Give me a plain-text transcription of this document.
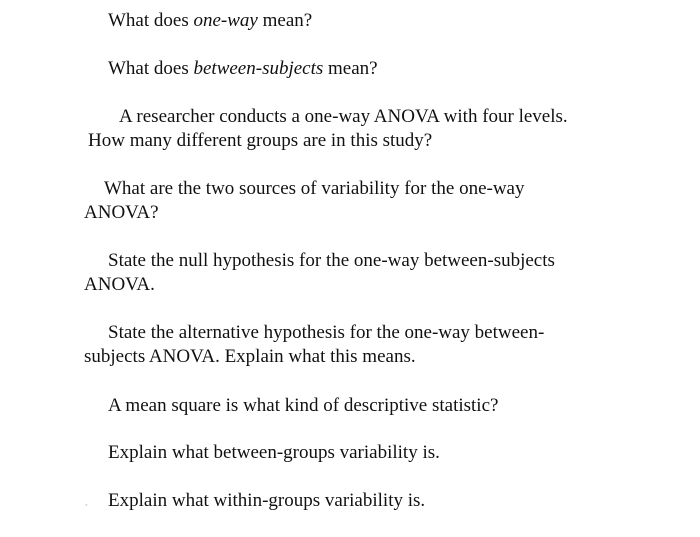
What does one-way mean?
What does between-subjects mean?
A researcher conducts a one-way ANOVA with four levels.
How many different groups are in this study?
What are the two sources of variability for the one-way
ANOVA?
State the null hypothesis for the one-way between-subjects
ANOVA.
State the alternative hypothesis for the one-way between-
subjects ANOVA. Explain what this means.
A mean square is what kind of descriptive statistic?
Explain what between-groups variability is.
Explain what within-groups variability is.
.
